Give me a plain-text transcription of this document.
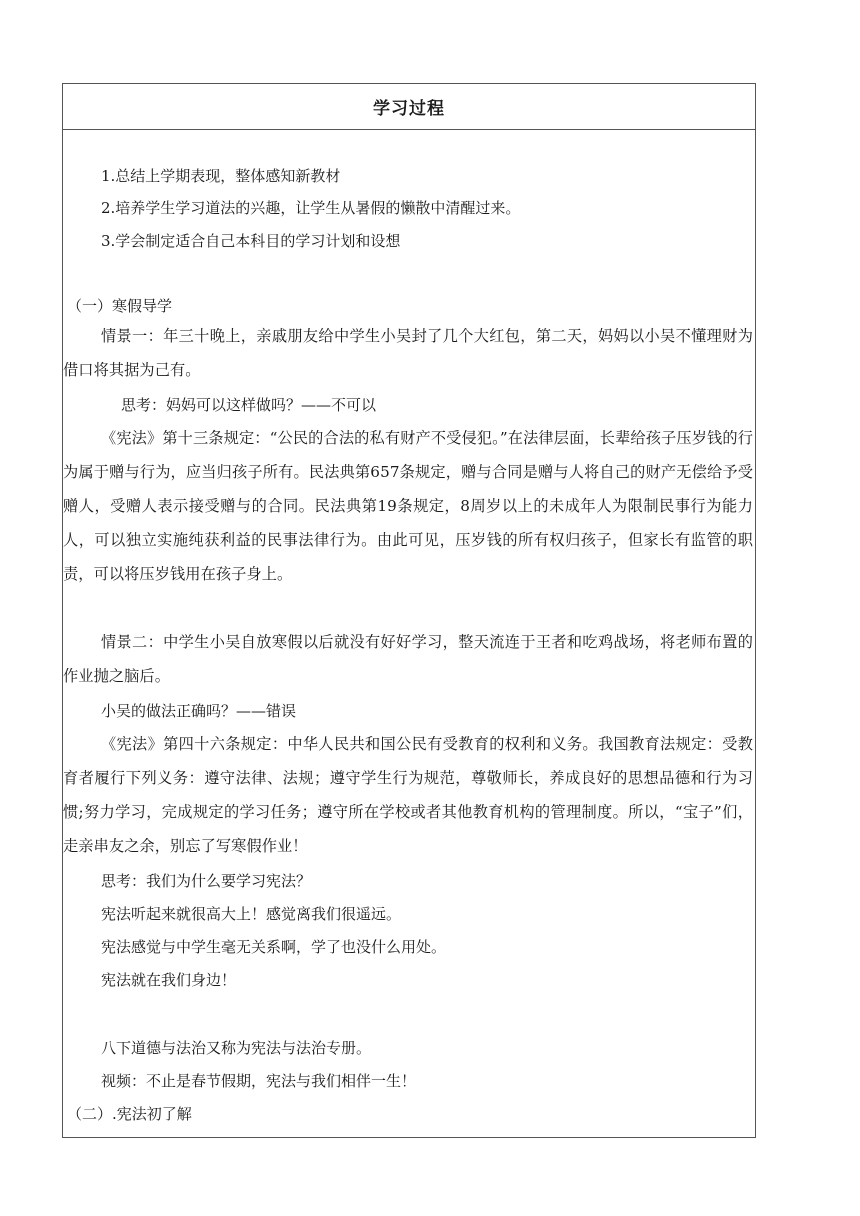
学习过程
1.总结上学期表现，整体感知新教材
2.培养学生学习道法的兴趣，让学生从暑假的懒散中清醒过来。
3.学会制定适合自己本科目的学习计划和设想
（一）寒假导学
情景一：年三十晚上，亲戚朋友给中学生小吴封了几个大红包，第二天，妈妈以小吴不懂理财为借口将其据为己有。
思考：妈妈可以这样做吗？——不可以
《宪法》第十三条规定：“公民的合法的私有财产不受侵犯。”在法律层面，长辈给孩子压岁钱的行为属于赠与行为，应当归孩子所有。民法典第657条规定，赠与合同是赠与人将自己的财产无偿给予受赠人，受赠人表示接受赠与的合同。民法典第19条规定，8周岁以上的未成年人为限制民事行为能力人，可以独立实施纯获利益的民事法律行为。由此可见，压岁钱的所有权归孩子，但家长有监管的职责，可以将压岁钱用在孩子身上。
情景二：中学生小吴自放寒假以后就没有好好学习，整天流连于王者和吃鸡战场，将老师布置的作业抛之脑后。
小吴的做法正确吗？——错误
《宪法》第四十六条规定：中华人民共和国公民有受教育的权利和义务。我国教育法规定：受教育者履行下列义务：遵守法律、法规；遵守学生行为规范，尊敬师长，养成良好的思想品德和行为习惯;努力学习，完成规定的学习任务；遵守所在学校或者其他教育机构的管理制度。所以，“宝子”们，走亲串友之余，别忘了写寒假作业！
思考：我们为什么要学习宪法？
宪法听起来就很高大上！感觉离我们很遥远。
宪法感觉与中学生毫无关系啊，学了也没什么用处。
宪法就在我们身边！
八下道德与法治又称为宪法与法治专册。
视频：不止是春节假期，宪法与我们相伴一生！
（二）.宪法初了解
